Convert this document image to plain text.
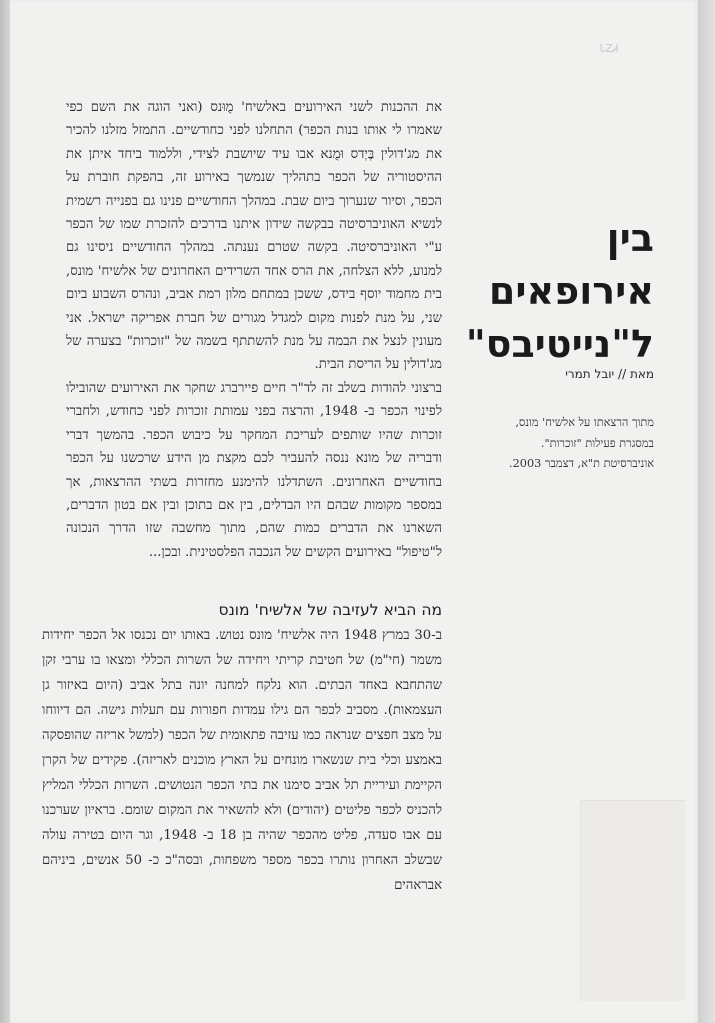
ᏓᏃᏗ

את ההכנות לשני האירועים באלשיח' מֻוּנס (ואני הוגה את השם כפי שאמרו לי אותו בנות הכפר) התחלנו לפני כחודשיים. התמזל מזלנו להכיר את מג'דולין בֶּיְדס וּמֻנא אבו עיד שיושבת לצידי, וללמוד ביחד איתן את ההיסטוריה של הכפר בתהליך שנמשך באירוע זה, בהפקת חוברת על הכפר, וסיור שנערוך ביום שבת. במהלך החודשיים פנינו גם בפנייה רשמית לנשיא האוניברסיטה בבקשה שידון איתנו בדרכים להזכרת שמו של הכפר ע"י האוניברסיטה. בקשה שטרם נענתה. במהלך החודשיים ניסינו גם למנוע, ללא הצלחה, את הרס אחד השרידים האחרונים של אלשיח' מונס, בית מחמוד יוסף בידס, ששכן במתחם מלון רמת אביב, ונהרס השבוע ביום שני, על מנת לפנות מקום למגדל מגורים של חברת אפריקה ישראל. אני מעונין לנצל את הבמה על מנת להשתתף בשמה של "זוכרות" בצערה של מג'דולין על הריסת הבית.

ברצוני להודות בשלב זה לד"ר חיים פיירברג שחקר את האירועים שהובילו לפינוי הכפר ב- 1948, והרצה בפני עמותת זוכרות לפני כחודש, ולחברי זוכרות שהיו שותפים לעריכת המחקר על כיבוש הכפר. בהמשך דברי ודבריה של מונא ננסה להעביר לכם מקצת מן הידע שרכשנו על הכפר בחודשיים האחרונים. השתדלנו להימנע מחזרות בשתי ההרצאות, אך במספר מקומות שבהם היו הבדלים, בין אם בתוכן ובין אם בטון הדברים, השארנו את הדברים כמות שהם, מתוך מחשבה שזו הדרך הנכונה ל"טיפול" באירועים הקשים של הנכבה הפלסטינית. ובכן...

מה הביא לעזיבה של אלשיח' מונס

ב-30 במרץ 1948 היה אלשיח' מונס נטוש. באותו יום נכנסו אל הכפר יחידות משמר (חי"מ) של חטיבת קריתי ויחידה של השרות הכללי ומצאו בו ערבי זקן שהתחבא באחד הבתים. הוא נלקח למחנה יונה בתל אביב (היום באיזור גן העצמאות). מסביב לכפר הם גילו עמדות חפורות עם תעלות גישה. הם דיווחו על מצב חפצים שנראה כמו עזיבה פתאומית של הכפר (למשל אריזה שהופסקה באמצע וכלי בית שנשארו מונחים על הארץ מוכנים לאריזה). פקידים של הקרן הקיימת ועיריית תל אביב סימנו את בתי הכפר הנטושים. השרות הכללי המליץ להכניס לכפר פליטים (יהודים) ולא להשאיר את המקום שומם. בראיון שערכנו עם אבו סעדה, פליט מהכפר שהיה בן 18 ב- 1948, וגר היום בטירה עולה שבשלב האחרון נותרו בכפר מספר משפחות, ובסה"כ כ- 50 אנשים, ביניהם אבראהים

בין
אירופאים
ל"נייטיבס"
מאת // יובל תמרי
מתוך הרצאתו על אלשיח' מונס,
במסגרת פעילות "זוכרות".
אוניברסיטת ת"א, דצמבר 2003.
